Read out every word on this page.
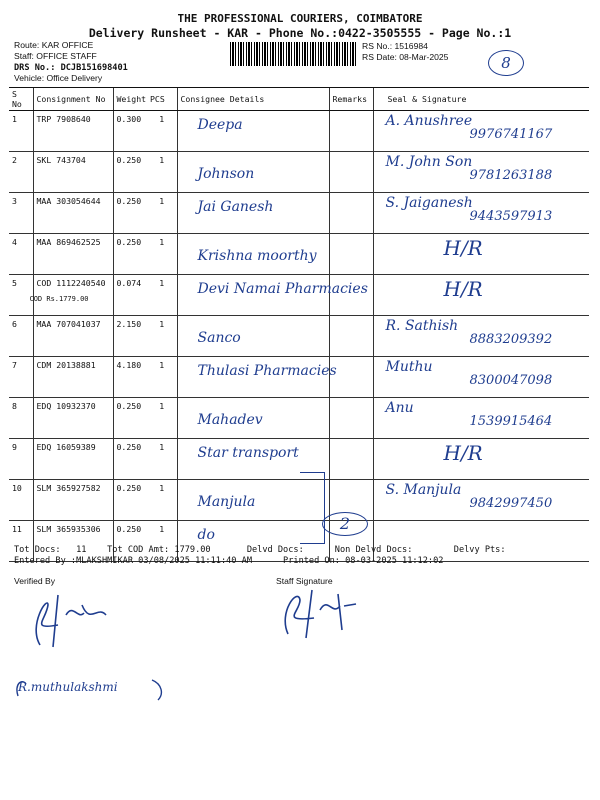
THE PROFESSIONAL COURIERS, COIMBATORE
Delivery Runsheet - KAR - Phone No.:0422-3505555 - Page No.:1
Route: KAR OFFICE
Staff: OFFICE STAFF
DRS No.: DCJB151698401
Vehicle: Office Delivery
RS No.: 1516984
RS Date: 08-Mar-2025	8
S No	Consignment No	Weight	PCS	Consignee Details	Remarks	Seal & Signature
1	TRP 7908640	0.300	1	Deepa		A. Anushree
9976741167

2	SKL 743704	0.250	1	Johnson		M. John Son
9781263188

3	MAA 303054644	0.250	1	Jai Ganesh		S. Jaiganesh
9443597913

4	MAA 869462525	0.250	1	Krishna moorthy		H/R

5	COD 1112240540
COD Rs.1779.00	0.074	1	Devi Namai Pharmacies		H/R

6	MAA 707041037	2.150	1	Sanco		R. Sathish
8883209392

7	CDM 20138881	4.180	1	Thulasi Pharmacies		Muthu
8300047098

8	EDQ 10932370	0.250	1	Mahadev		Anu
1539915464

9	EDQ 16059389	0.250	1	Star transport		H/R

10	SLM 365927582	0.250	1	Manjula		S. Manjula
9842997450

11	SLM 365935306	0.250	1	do		

2
Tot Docs:   11    Tot COD Amt: 1779.00       Delvd Docs:      Non Delvd Docs:        Delvy Pts:
Entered By :MLAKSHMIKAR 03/08/2025 11:11:40 AM      Printed On: 08-03-2025 11:12:02
Verified By	Staff Signature
R.muthulakshmi
